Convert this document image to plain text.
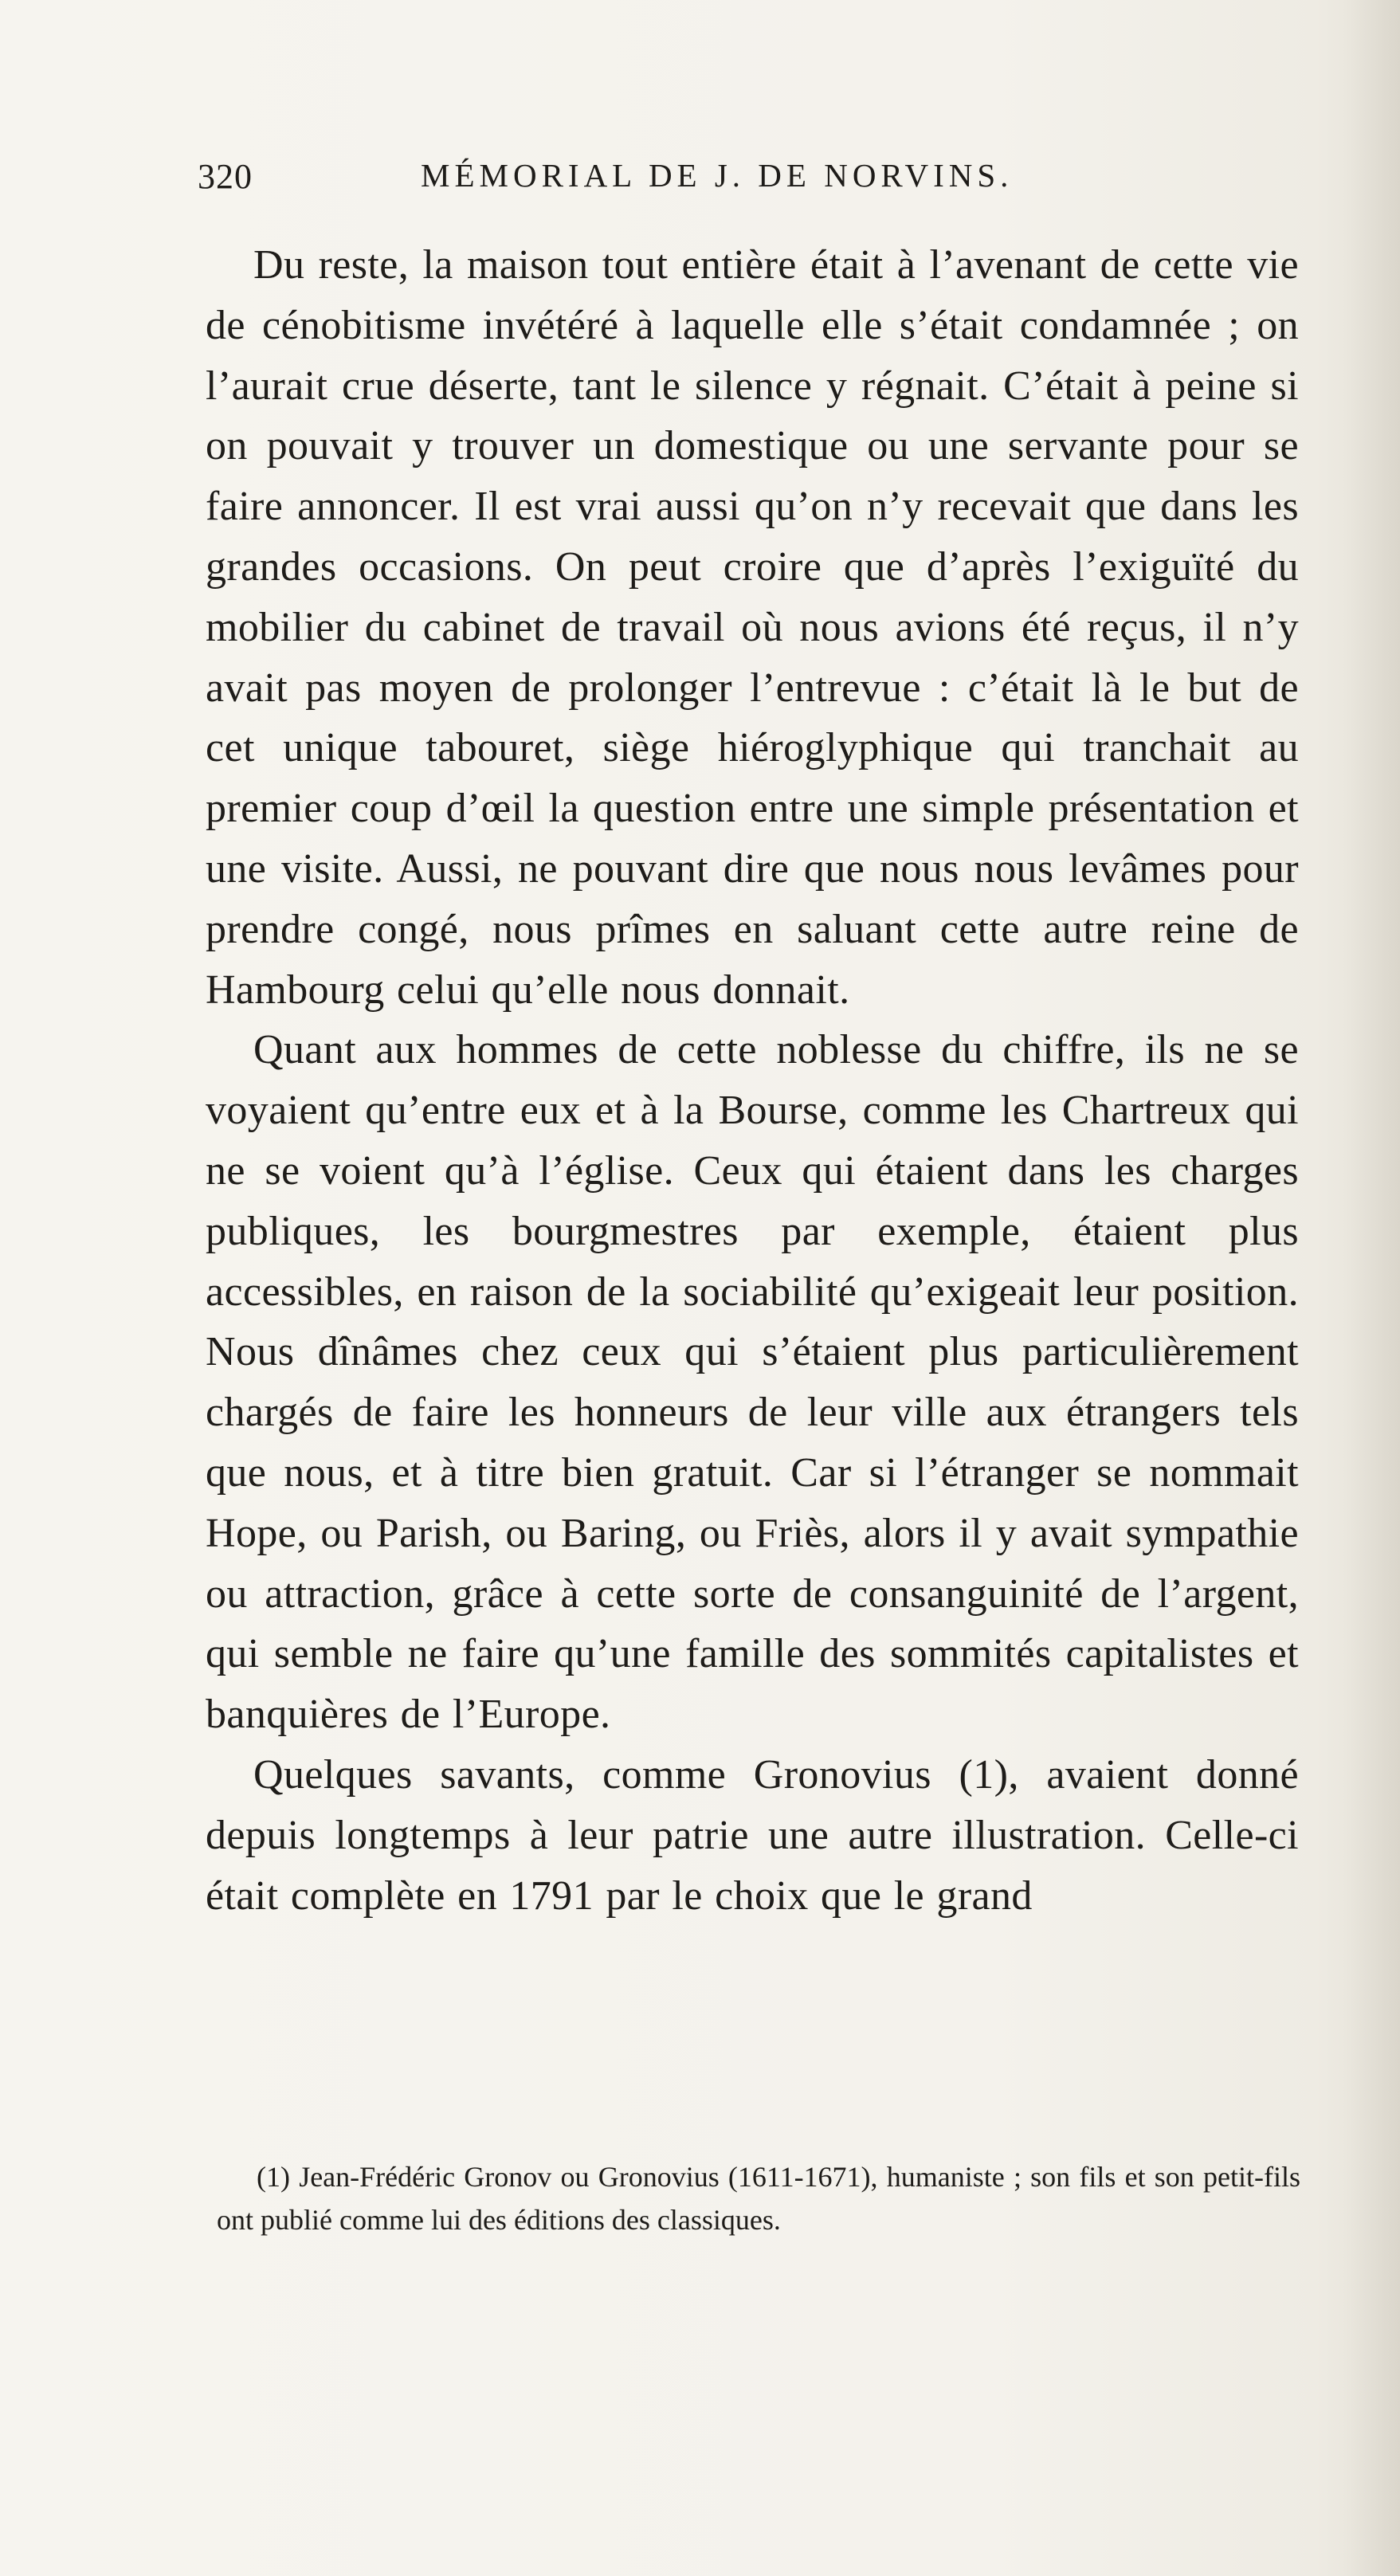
320	MÉMORIAL DE J. DE NORVINS.

Du reste, la maison tout entière était à l’avenant de cette vie de cénobitisme invétéré à laquelle elle s’était condamnée ; on l’aurait crue déserte, tant le silence y régnait. C’était à peine si on pouvait y trouver un domestique ou une servante pour se faire annoncer. Il est vrai aussi qu’on n’y recevait que dans les grandes occasions. On peut croire que d’après l’exiguïté du mobilier du cabinet de travail où nous avions été reçus, il n’y avait pas moyen de prolonger l’entrevue : c’était là le but de cet unique tabouret, siège hiéroglyphique qui tranchait au premier coup d’œil la question entre une simple présentation et une visite. Aussi, ne pouvant dire que nous nous levâmes pour prendre congé, nous prîmes en saluant cette autre reine de Hambourg celui qu’elle nous donnait.

Quant aux hommes de cette noblesse du chiffre, ils ne se voyaient qu’entre eux et à la Bourse, comme les Chartreux qui ne se voient qu’à l’église. Ceux qui étaient dans les charges publiques, les bourgmestres par exemple, étaient plus accessibles, en raison de la sociabilité qu’exigeait leur position. Nous dînâmes chez ceux qui s’étaient plus particulièrement chargés de faire les honneurs de leur ville aux étrangers tels que nous, et à titre bien gratuit. Car si l’étranger se nommait Hope, ou Parish, ou Baring, ou Friès, alors il y avait sympathie ou attraction, grâce à cette sorte de consanguinité de l’argent, qui semble ne faire qu’une famille des sommités capitalistes et banquières de l’Europe.

Quelques savants, comme Gronovius (1), avaient donné depuis longtemps à leur patrie une autre illustration. Celle-ci était complète en 1791 par le choix que le grand

(1) Jean-Frédéric Gronov ou Gronovius (1611-1671), humaniste ; son fils et son petit-fils ont publié comme lui des éditions des classiques.
